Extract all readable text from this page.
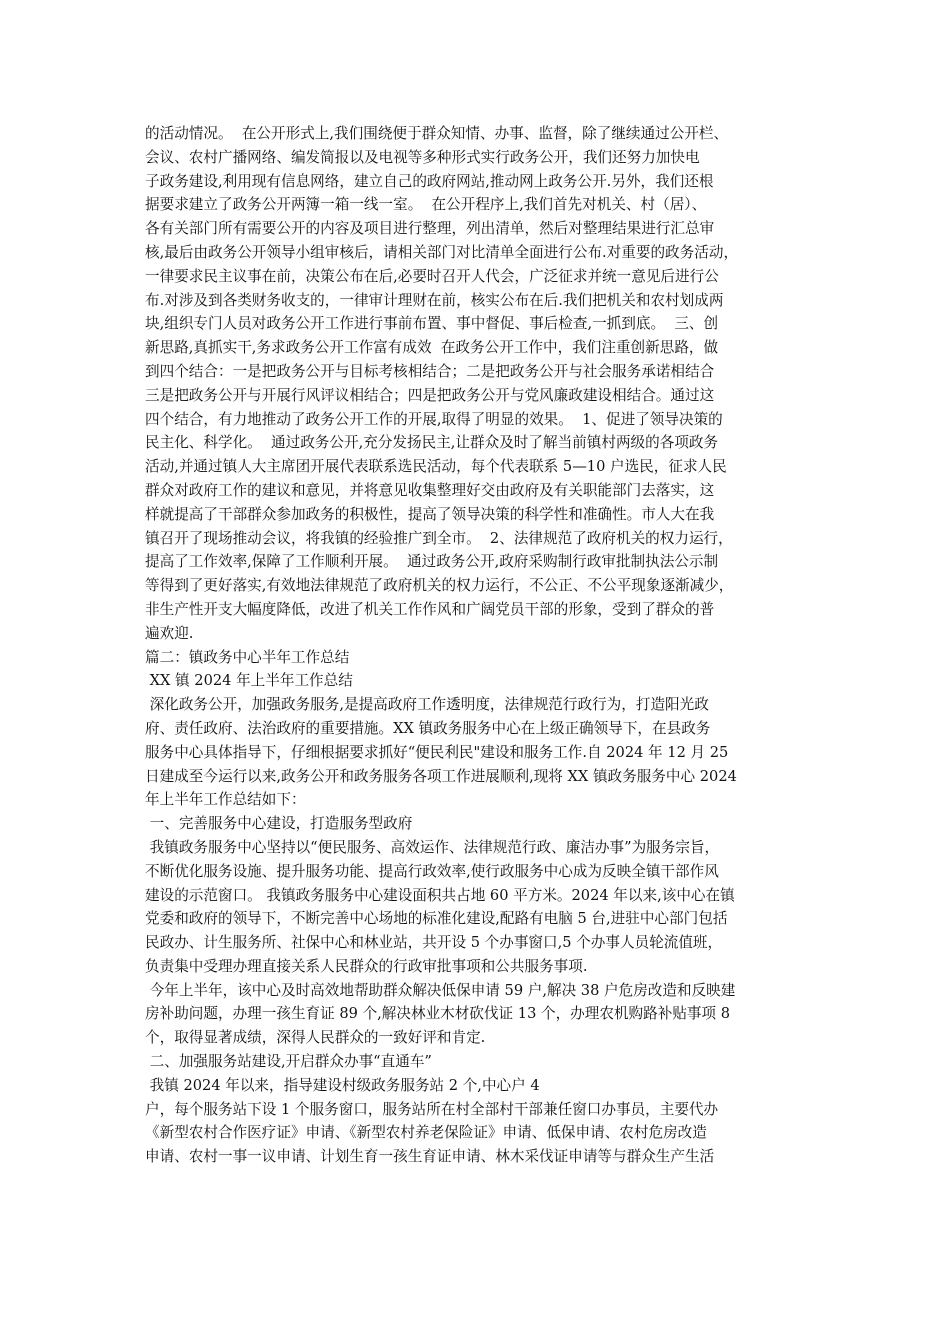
的活动情况。  在公开形式上,我们围绕便于群众知情、办事、监督，除了继续通过公开栏、
会议、农村广播网络、编发简报以及电视等多种形式实行政务公开，我们还努力加快电
子政务建设,利用现有信息网络，建立自己的政府网站,推动网上政务公开.另外，我们还根
据要求建立了政务公开两簿一箱一线一室。  在公开程序上,我们首先对机关、村（居）、
各有关部门所有需要公开的内容及项目进行整理，列出清单，然后对整理结果进行汇总审
核,最后由政务公开领导小组审核后，请相关部门对比清单全面进行公布.对重要的政务活动，
一律要求民主议事在前，决策公布在后,必要时召开人代会，广泛征求并统一意见后进行公
布.对涉及到各类财务收支的，一律审计理财在前，核实公布在后.我们把机关和农村划成两
块,组织专门人员对政务公开工作进行事前布置、事中督促、事后检查,一抓到底。  三、创
新思路,真抓实干,务求政务公开工作富有成效  在政务公开工作中，我们注重创新思路，做
到四个结合：一是把政务公开与目标考核相结合；二是把政务公开与社会服务承诺相结合
三是把政务公开与开展行风评议相结合；四是把政务公开与党风廉政建设相结合。通过这
四个结合，有力地推动了政务公开工作的开展,取得了明显的效果。  1、促进了领导决策的
民主化、科学化。  通过政务公开,充分发扬民主,让群众及时了解当前镇村两级的各项政务
活动,并通过镇人大主席团开展代表联系选民活动，每个代表联系 5—10 户选民，征求人民
群众对政府工作的建议和意见，并将意见收集整理好交由政府及有关职能部门去落实，这
样就提高了干部群众参加政务的积极性，提高了领导决策的科学性和准确性。市人大在我
镇召开了现场推动会议，将我镇的经验推广到全市。  2、法律规范了政府机关的权力运行，
提高了工作效率,保障了工作顺利开展。  通过政务公开,政府采购制行政审批制执法公示制
等得到了更好落实,有效地法律规范了政府机关的权力运行，不公正、不公平现象逐渐减少，
非生产性开支大幅度降低，改进了机关工作作风和广阔党员干部的形象，受到了群众的普
遍欢迎.
篇二：镇政务中心半年工作总结
XX 镇 2024 年上半年工作总结
深化政务公开，加强政务服务,是提高政府工作透明度，法律规范行政行为，打造阳光政
府、责任政府、法治政府的重要措施。XX 镇政务服务中心在上级正确领导下，在县政务
服务中心具体指导下，仔细根据要求抓好“便民利民"建设和服务工作.自 2024 年 12 月 25
日建成至今运行以来,政务公开和政务服务各项工作进展顺利,现将 XX 镇政务服务中心 2024
年上半年工作总结如下：
一、完善服务中心建设，打造服务型政府
我镇政务服务中心坚持以“便民服务、高效运作、法律规范行政、廉洁办事”为服务宗旨，
不断优化服务设施、提升服务功能、提高行政效率,使行政服务中心成为反映全镇干部作风
建设的示范窗口。 我镇政务服务中心建设面积共占地 60 平方米。2024 年以来,该中心在镇
党委和政府的领导下，不断完善中心场地的标准化建设,配路有电脑 5 台,进驻中心部门包括
民政办、计生服务所、社保中心和林业站，共开设 5 个办事窗口,5 个办事人员轮流值班，
负责集中受理办理直接关系人民群众的行政审批事项和公共服务事项.
今年上半年，该中心及时高效地帮助群众解决低保申请 59 户,解决 38 户危房改造和反映建
房补助问题，办理一孩生育证 89 个,解决林业木材砍伐证 13 个，办理农机购路补贴事项 8
个，取得显著成绩，深得人民群众的一致好评和肯定.
二、加强服务站建设,开启群众办事“直通车”
我镇 2024 年以来，指导建设村级政务服务站 2 个,中心户 4
户，每个服务站下设 1 个服务窗口，服务站所在村全部村干部兼任窗口办事员，主要代办
《新型农村合作医疗证》申请、《新型农村养老保险证》申请、低保申请、农村危房改造
申请、农村一事一议申请、计划生育一孩生育证申请、林木采伐证申请等与群众生产生活
